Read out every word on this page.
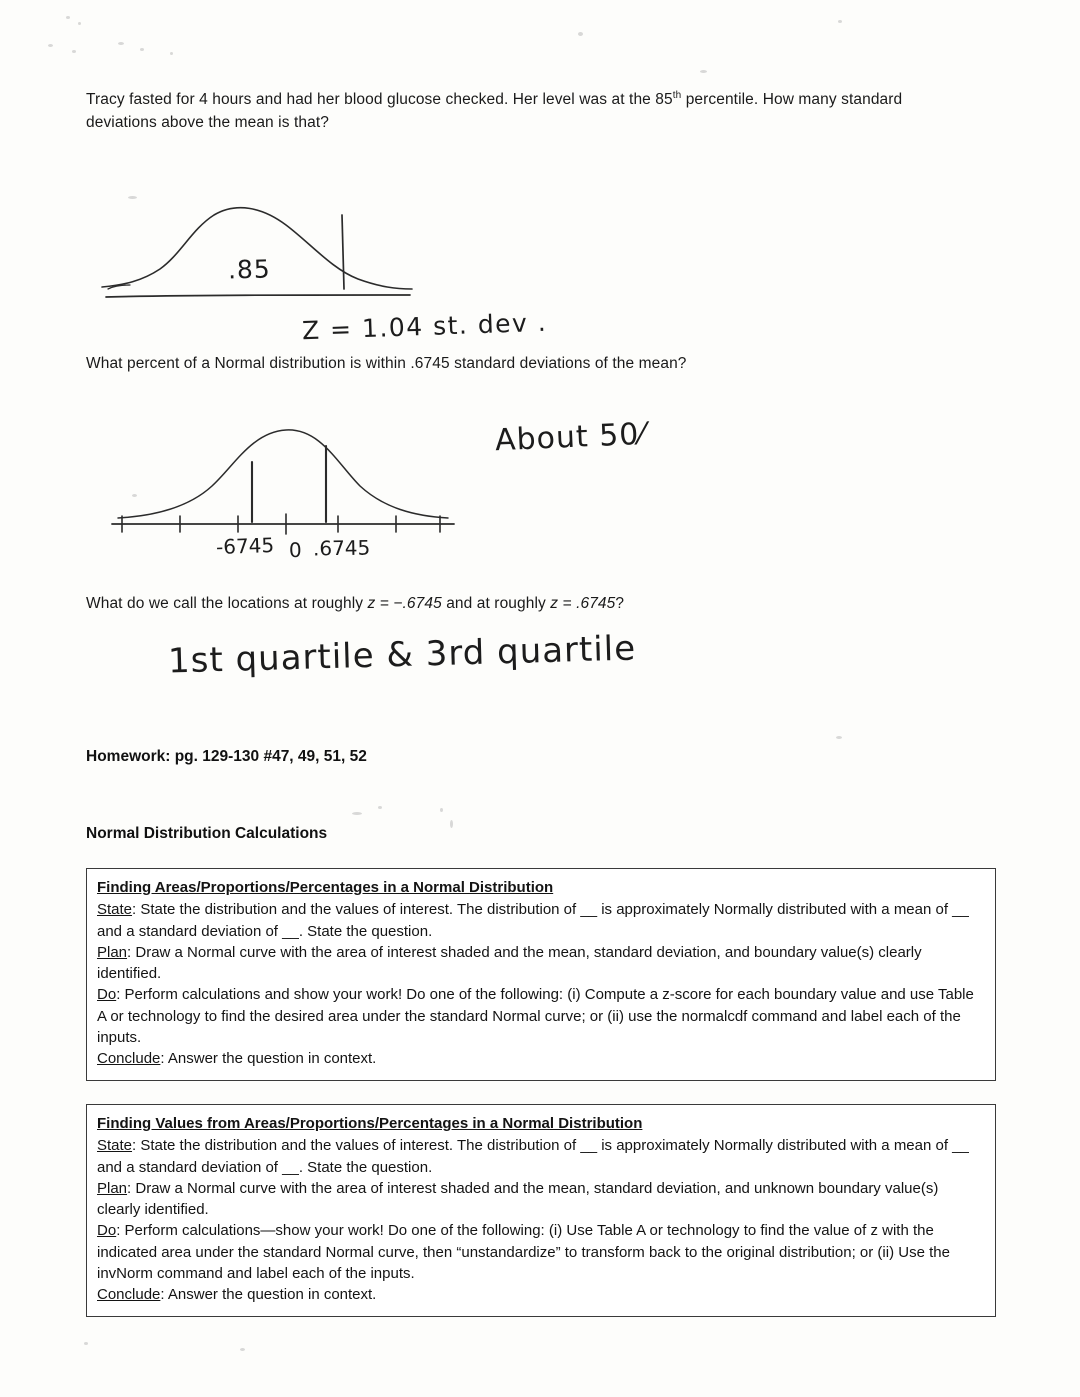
Tracy fasted for 4 hours and had her blood glucose checked. Her level was at the 85th percentile. How many standard deviations above the mean is that?
.85
Z = 1.04 st. dev .
What percent of a Normal distribution is within .6745 standard deviations of the mean?
About 50⁄
-6745 0 .6745
What do we call the locations at roughly z = −.6745 and at roughly z = .6745?
1st quartile & 3rd quartile
Homework: pg. 129-130 #47, 49, 51, 52
Normal Distribution Calculations
Finding Areas/Proportions/Percentages in a Normal Distribution

State: State the distribution and the values of interest. The distribution of __ is approximately Normally distributed with a mean of __ and a standard deviation of __. State the question.

Plan: Draw a Normal curve with the area of interest shaded and the mean, standard deviation, and boundary value(s) clearly identified.

Do: Perform calculations and show your work! Do one of the following: (i) Compute a z-score for each boundary value and use Table A or technology to find the desired area under the standard Normal curve; or (ii) use the normalcdf command and label each of the inputs.

Conclude: Answer the question in context.

Finding Values from Areas/Proportions/Percentages in a Normal Distribution

State: State the distribution and the values of interest. The distribution of __ is approximately Normally distributed with a mean of __ and a standard deviation of __. State the question.

Plan: Draw a Normal curve with the area of interest shaded and the mean, standard deviation, and unknown boundary value(s) clearly identified.

Do: Perform calculations—show your work! Do one of the following: (i) Use Table A or technology to find the value of z with the indicated area under the standard Normal curve, then “unstandardize” to transform back to the original distribution; or (ii) Use the invNorm command and label each of the inputs.

Conclude: Answer the question in context.
